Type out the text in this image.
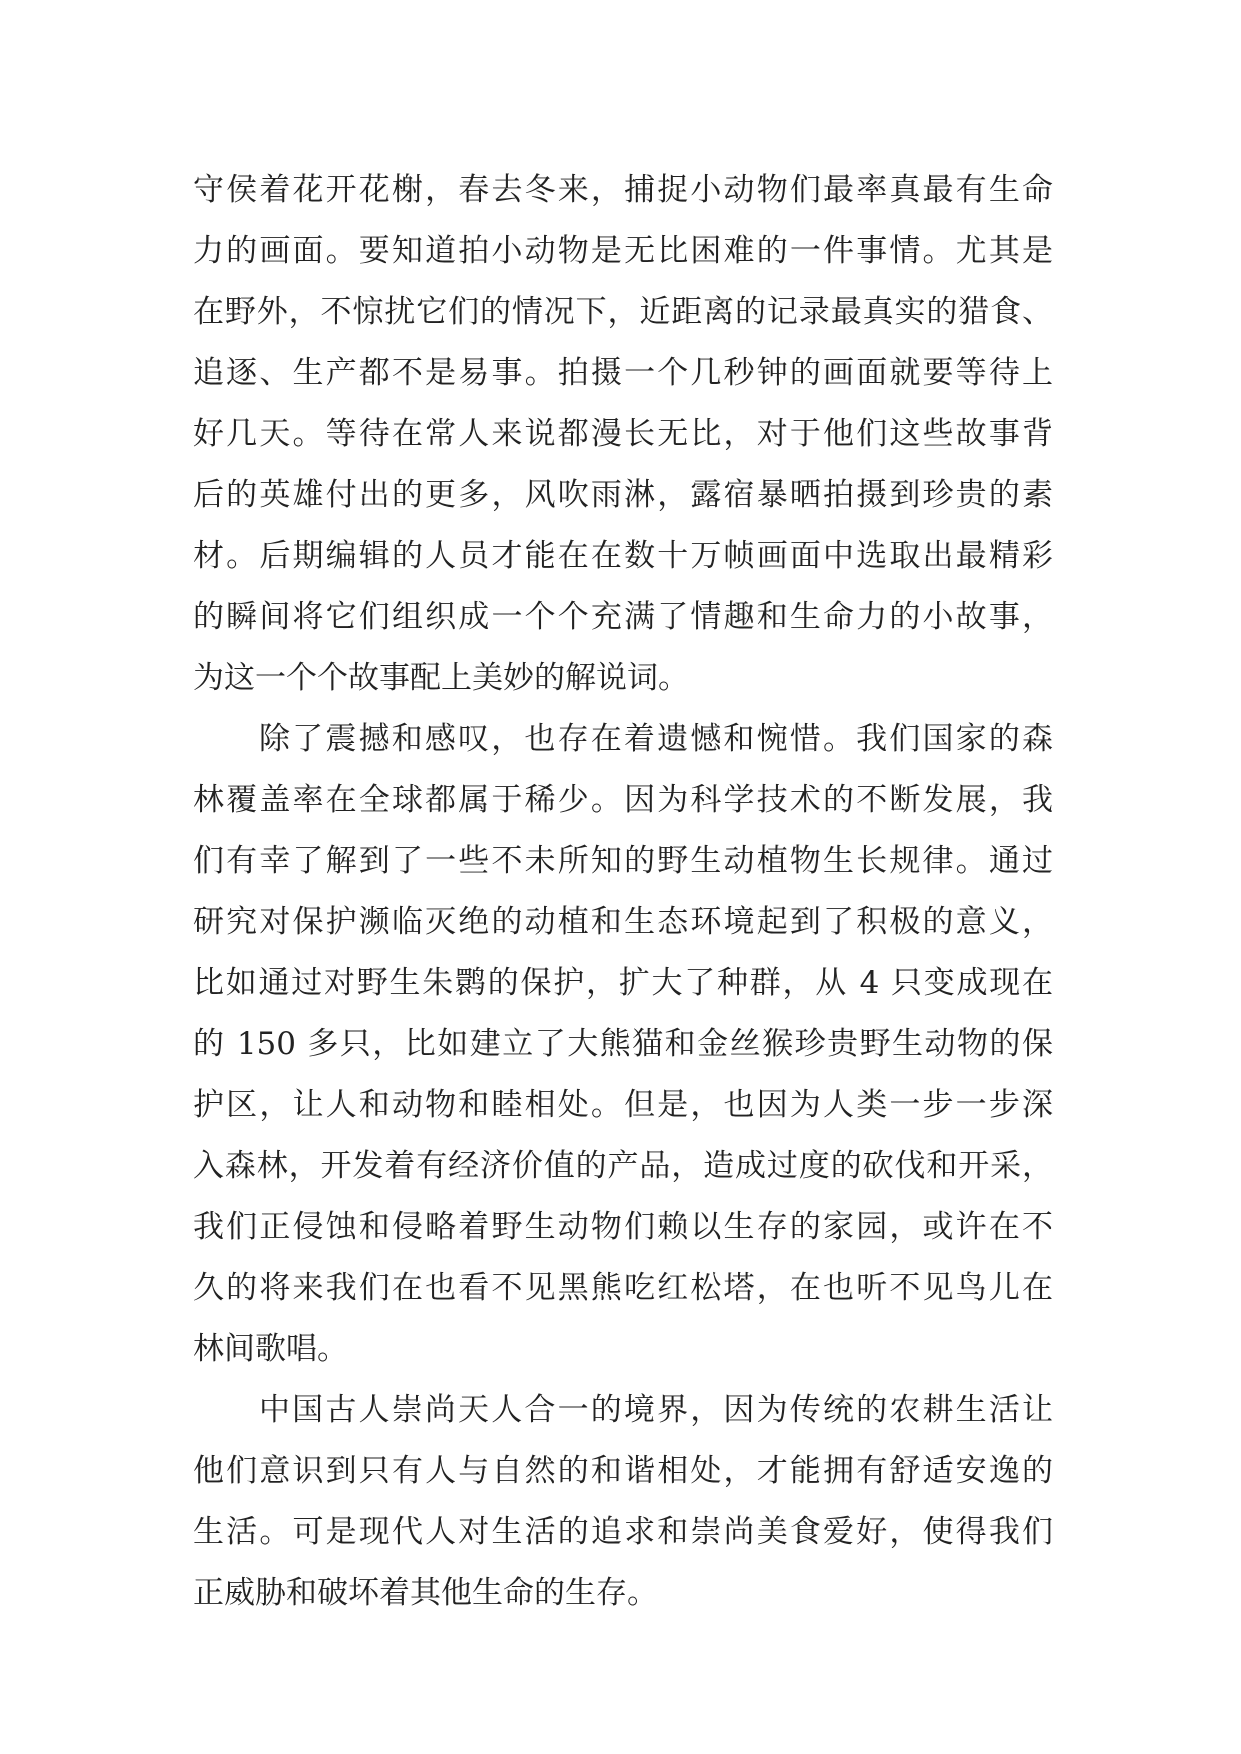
守侯着花开花榭，春去冬来，捕捉小动物们最率真最有生命
力的画面。要知道拍小动物是无比困难的一件事情。尤其是
在野外，不惊扰它们的情况下，近距离的记录最真实的猎食、
追逐、生产都不是易事。拍摄一个几秒钟的画面就要等待上
好几天。等待在常人来说都漫长无比，对于他们这些故事背
后的英雄付出的更多，风吹雨淋，露宿暴晒拍摄到珍贵的素
材。后期编辑的人员才能在在数十万帧画面中选取出最精彩
的瞬间将它们组织成一个个充满了情趣和生命力的小故事，
为这一个个故事配上美妙的解说词。
除了震撼和感叹，也存在着遗憾和惋惜。我们国家的森
林覆盖率在全球都属于稀少。因为科学技术的不断发展，我
们有幸了解到了一些不未所知的野生动植物生长规律。通过
研究对保护濒临灭绝的动植和生态环境起到了积极的意义，
比如通过对野生朱鹮的保护，扩大了种群，从 4 只变成现在
的 150 多只，比如建立了大熊猫和金丝猴珍贵野生动物的保
护区，让人和动物和睦相处。但是，也因为人类一步一步深
入森林，开发着有经济价值的产品，造成过度的砍伐和开采，
我们正侵蚀和侵略着野生动物们赖以生存的家园，或许在不
久的将来我们在也看不见黑熊吃红松塔，在也听不见鸟儿在
林间歌唱。
中国古人崇尚天人合一的境界，因为传统的农耕生活让
他们意识到只有人与自然的和谐相处，才能拥有舒适安逸的
生活。可是现代人对生活的追求和崇尚美食爱好，使得我们
正威胁和破坏着其他生命的生存。
